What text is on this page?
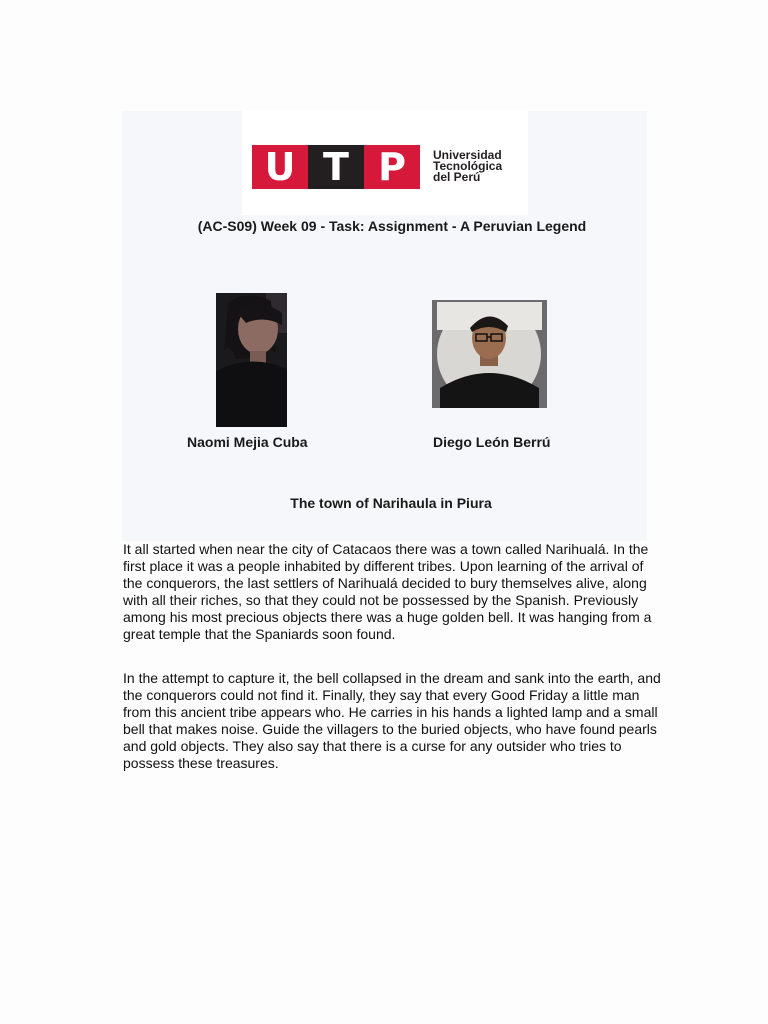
U T P	Universidad
Tecnológica
del Perú
(AC-S09) Week 09 - Task: Assignment - A Peruvian Legend
Naomi Mejia Cuba	Diego León Berrú
The town of Narihaula in Piura
It all started when near the city of Catacaos there was a town called Narihualá. In the first place it was a people inhabited by different tribes. Upon learning of the arrival of the conquerors, the last settlers of Narihualá decided to bury themselves alive, along with all their riches, so that they could not be possessed by the Spanish. Previously among his most precious objects there was a huge golden bell. It was hanging from a great temple that the Spaniards soon found.
In the attempt to capture it, the bell collapsed in the dream and sank into the earth, and the conquerors could not find it. Finally, they say that every Good Friday a little man from this ancient tribe appears who. He carries in his hands a lighted lamp and a small bell that makes noise. Guide the villagers to the buried objects, who have found pearls and gold objects. They also say that there is a curse for any outsider who tries to possess these treasures.
